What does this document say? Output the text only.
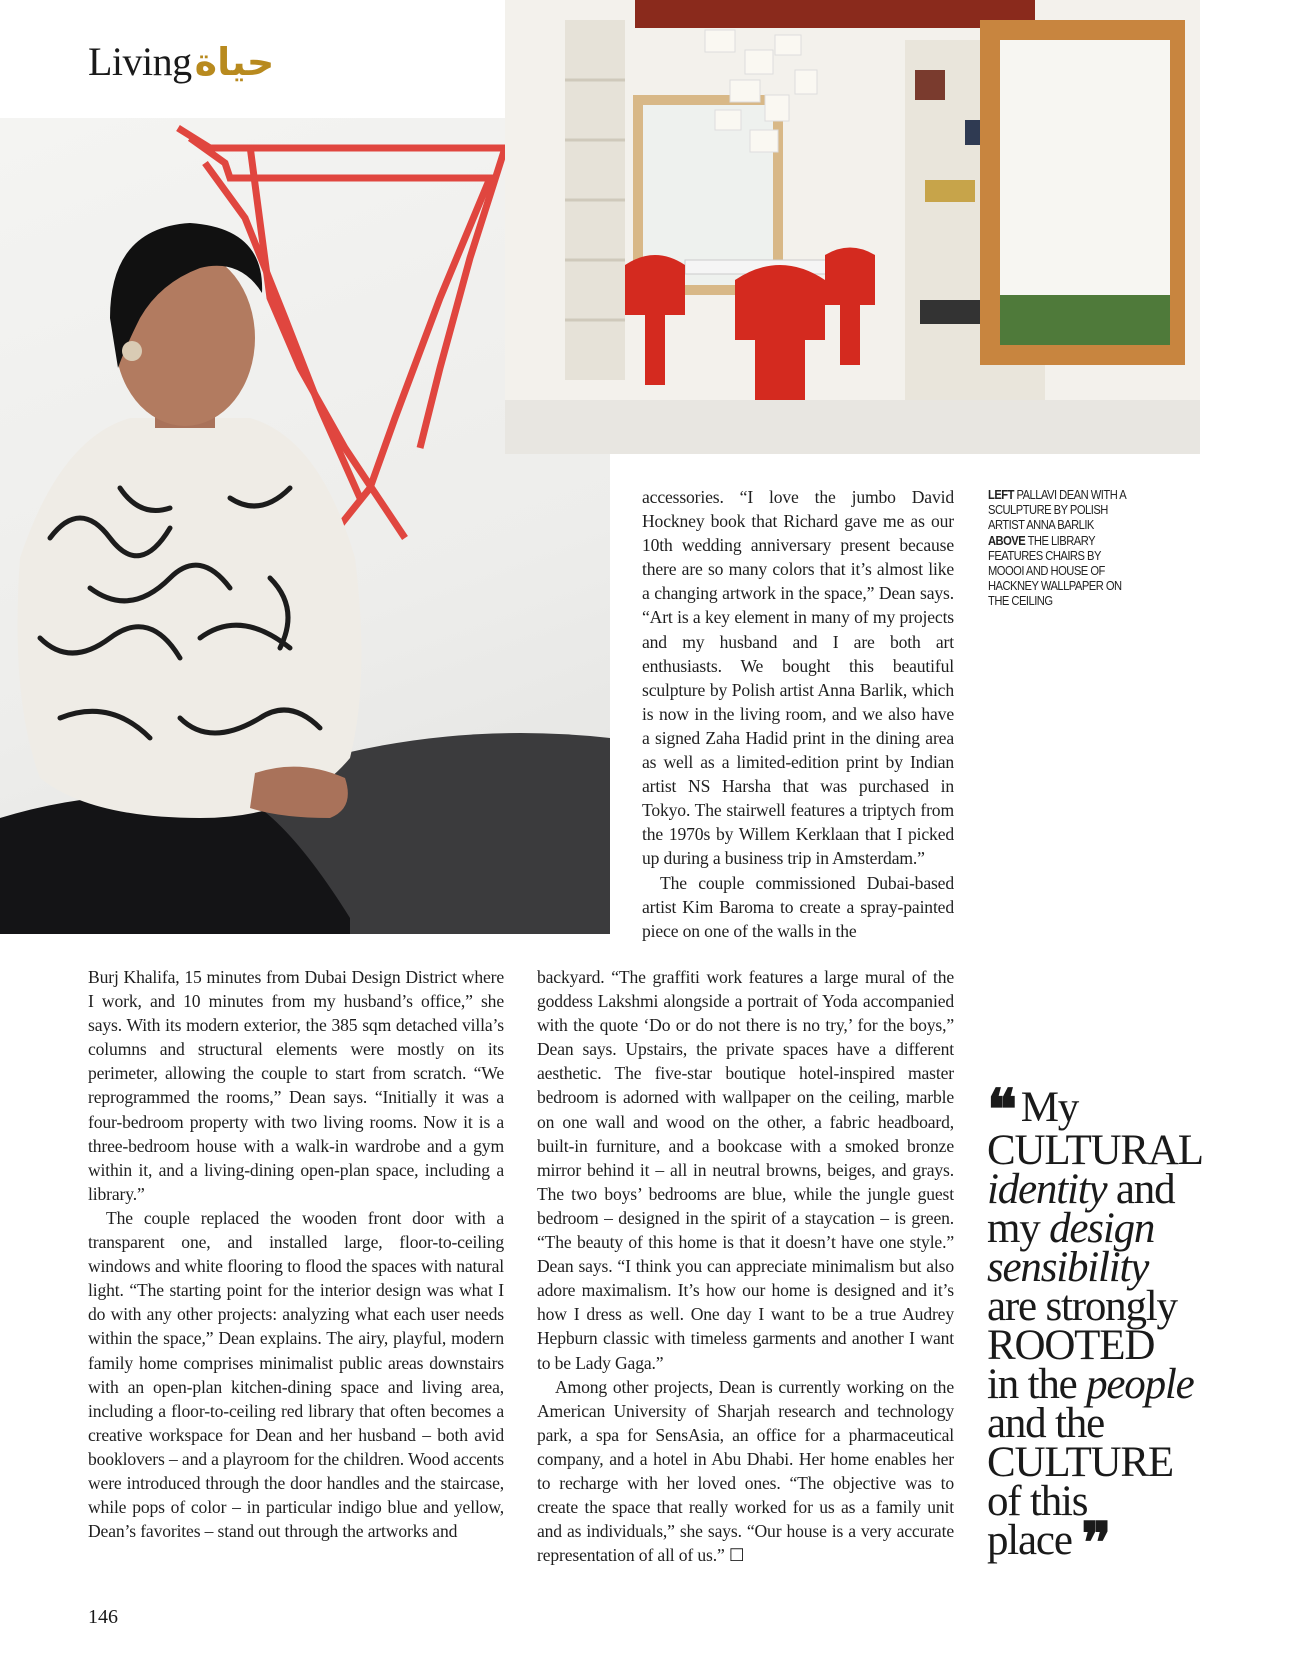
Living حياة

accessories. “I love the jumbo David Hockney book that Richard gave me as our 10th wedding anniversary present because there are so many colors that it’s almost like a changing artwork in the space,” Dean says. “Art is a key element in many of my projects and my husband and I are both art enthusiasts. We bought this beautiful sculpture by Polish artist Anna Barlik, which is now in the living room, and we also have a signed Zaha Hadid print in the dining area as well as a limited-edition print by Indian artist NS Harsha that was purchased in Tokyo. The stairwell features a triptych from the 1970s by Willem Kerklaan that I picked up during a business trip in Amsterdam.”

The couple commissioned Dubai-based artist Kim Baroma to create a spray-painted piece on one of the walls in the

LEFT PALLAVI DEAN WITH A SCULPTURE BY POLISH ARTIST ANNA BARLIK
ABOVE THE LIBRARY FEATURES CHAIRS BY MOOOI AND HOUSE OF HACKNEY WALLPAPER ON THE CEILING

Burj Khalifa, 15 minutes from Dubai Design District where I work, and 10 minutes from my husband’s office,” she says. With its modern exterior, the 385 sqm detached villa’s columns and structural elements were mostly on its perimeter, allowing the couple to start from scratch. “We reprogrammed the rooms,” Dean says. “Initially it was a four-bedroom property with two living rooms. Now it is a three-bedroom house with a walk-in wardrobe and a gym within it, and a living-dining open-plan space, including a library.”

The couple replaced the wooden front door with a transparent one, and installed large, floor-to-ceiling windows and white flooring to flood the spaces with natural light. “The starting point for the interior design was what I do with any other projects: analyzing what each user needs within the space,” Dean explains. The airy, playful, modern family home comprises minimalist public areas downstairs with an open-plan kitchen-dining space and living area, including a floor-to-ceiling red library that often becomes a creative workspace for Dean and her husband – both avid booklovers – and a playroom for the children. Wood accents were introduced through the door handles and the staircase, while pops of color – in particular indigo blue and yellow, Dean’s favorites – stand out through the artworks and

backyard. “The graffiti work features a large mural of the goddess Lakshmi alongside a portrait of Yoda accompanied with the quote ‘Do or do not there is no try,’ for the boys,” Dean says. Upstairs, the private spaces have a different aesthetic. The five-star boutique hotel-inspired master bedroom is adorned with wallpaper on the ceiling, marble on one wall and wood on the other, a fabric headboard, built-in furniture, and a bookcase with a smoked bronze mirror behind it – all in neutral browns, beiges, and grays. The two boys’ bedrooms are blue, while the jungle guest bedroom – designed in the spirit of a staycation – is green. “The beauty of this home is that it doesn’t have one style.” Dean says. “I think you can appreciate minimalism but also adore maximalism. It’s how our home is designed and it’s how I dress as well. One day I want to be a true Audrey Hepburn classic with timeless garments and another I want to be Lady Gaga.”

Among other projects, Dean is currently working on the American University of Sharjah research and technology park, a spa for SensAsia, an office for a pharmaceutical company, and a hotel in Abu Dhabi. Her home enables her to recharge with her loved ones. “The objective was to create the space that really worked for us as a family unit and as individuals,” she says. “Our house is a very accurate representation of all of us.” ☐

❝ My
CULTURAL
identity and
my design
sensibility
are strongly
ROOTED
in the people
and the
CULTURE
of this
place ❞
146
